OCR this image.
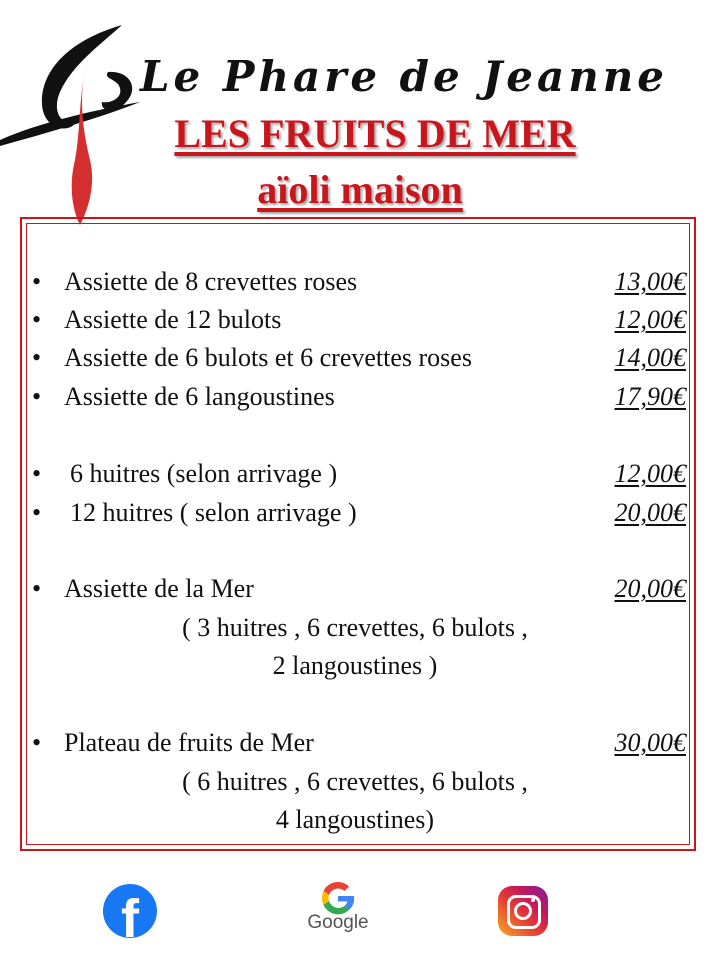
Le Phare de Jeanne
LES FRUITS DE MER
aïoli maison
• Assiette de 8 crevettes roses	13,00€
• Assiette de 12 bulots	12,00€
• Assiette de 6 bulots et 6 crevettes roses	14,00€
• Assiette de 6 langoustines	17,90€
•	6 huitres (selon arrivage )	12,00€
•	12 huitres ( selon arrivage )	20,00€
• Assiette de la Mer	20,00€
( 3 huitres , 6 crevettes, 6 bulots ,
2 langoustines )
• Plateau de fruits de Mer	30,00€
( 6 huitres , 6 crevettes, 6 bulots ,
4 langoustines)
f	Google
